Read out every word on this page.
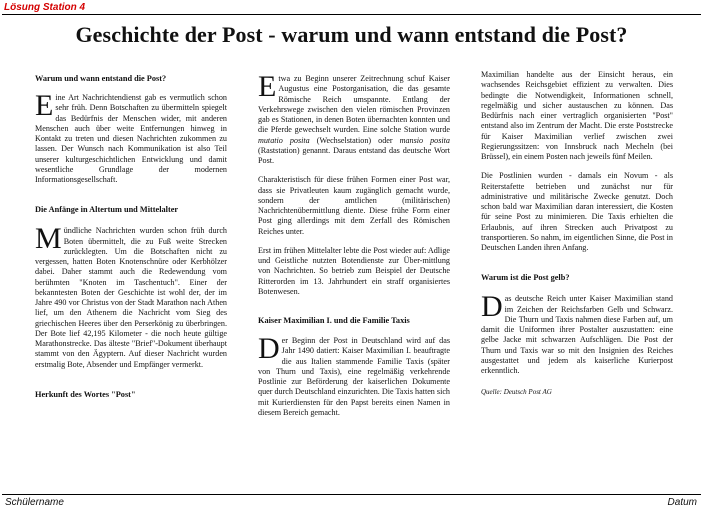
Lösung Station 4
Geschichte der Post - warum und wann entstand die Post?
Warum und wann entstand die Post?

Eine Art Nachrichtendienst gab es vermutlich schon sehr früh. Denn Botschaften zu übermitteln spiegelt das Bedürfnis der Menschen wider, mit anderen Menschen auch über weite Entfernungen hinweg in Kontakt zu treten und diesen Nachrichten zukommen zu lassen. Der Wunsch nach Kommunikation ist also Teil unserer kulturgeschichtlichen Entwicklung und damit wesentliche Grundlage der modernen Informationsgesellschaft.

Die Anfänge in Altertum und Mittelalter

Mündliche Nachrichten wurden schon früh durch Boten übermittelt, die zu Fuß weite Strecken zurücklegten. Um die Botschaften nicht zu vergessen, hatten Boten Knotenschnüre oder Kerbhölzer dabei. Daher stammt auch die Redewendung vom berühmten "Knoten im Taschentuch". Einer der bekanntesten Boten der Geschichte ist wohl der, der im Jahre 490 vor Christus von der Stadt Marathon nach Athen lief, um den Athenern die Nachricht vom Sieg des griechischen Heeres über den Perserkönig zu überbringen. Der Bote lief 42,195 Kilometer - die noch heute gültige Marathonstrecke. Das älteste "Brief"-Dokument überhaupt stammt von den Ägyptern. Auf dieser Nachricht wurden erstmalig Bote, Absender und Empfänger vermerkt.

Herkunft des Wortes "Post"

Etwa zu Beginn unserer Zeitrechnung schuf Kaiser Augustus eine Postorganisation, die das gesamte Römische Reich umspannte. Entlang der Verkehrswege zwischen den vielen römischen Provinzen gab es Stationen, in denen Boten übernachten konnten und die Pferde gewechselt wurden. Eine solche Station wurde mutatio posita (Wechselstation) oder mansio posita (Raststation) genannt. Daraus entstand das deutsche Wort Post.

Charakteristisch für diese frühen Formen einer Post war, dass sie Privatleuten kaum zugänglich gemacht wurde, sondern der amtlichen (militärischen) Nachrichtenübermittlung diente. Diese frühe Form einer Post ging allerdings mit dem Zerfall des Römischen Reiches unter.

Erst im frühen Mittelalter lebte die Post wieder auf: Adlige und Geistliche nutzten Botendienste zur Über-mittlung von Nachrichten. So betrieb zum Beispiel der Deutsche Ritterorden im 13. Jahrhundert ein straff organisiertes Botenwesen.

Kaiser Maximilian I. und die Familie Taxis

Der Beginn der Post in Deutschland wird auf das Jahr 1490 datiert: Kaiser Maximilian I. beauftragte die aus Italien stammende Familie Taxis (später von Thurn und Taxis), eine regelmäßig verkehrende Postlinie zur Beförderung der kaiserlichen Dokumente quer durch Deutschland einzurichten. Die Taxis hatten sich mit Kurierdiensten für den Papst bereits einen Namen in diesem Bereich gemacht.

Maximilian handelte aus der Einsicht heraus, ein wachsendes Reichsgebiet effizient zu verwalten. Dies bedingte die Notwendigkeit, Informationen schnell, regelmäßig und sicher austauschen zu können. Das Bedürfnis nach einer vertraglich organisierten "Post" entstand also im Zentrum der Macht. Die erste Poststrecke für Kaiser Maximilian verlief zwischen zwei Regierungssitzen: von Innsbruck nach Mecheln (bei Brüssel), ein einem Posten nach jeweils fünf Meilen.

Die Postlinien wurden - damals ein Novum - als Reiterstafette betrieben und zunächst nur für administrative und militärische Zwecke genutzt. Doch schon bald war Maximilian daran interessiert, die Kosten für seine Post zu minimieren. Die Taxis erhielten die Erlaubnis, auf ihren Strecken auch Privatpost zu transportieren. So nahm, im eigentlichen Sinne, die Post in Deutschen Landen ihren Anfang.

Warum ist die Post gelb?

Das deutsche Reich unter Kaiser Maximilian stand im Zeichen der Reichsfarben Gelb und Schwarz. Die Thurn und Taxis nahmen diese Farben auf, um damit die Uniformen ihrer Postalter auszustatten: eine gelbe Jacke mit schwarzen Aufschlägen. Die Post der Thurn und Taxis war so mit den Insignien des Reiches ausgestattet und jedem als kaiserliche Kurierpost erkenntlich.

Quelle: Deutsch Post AG

Schülername	Datum
